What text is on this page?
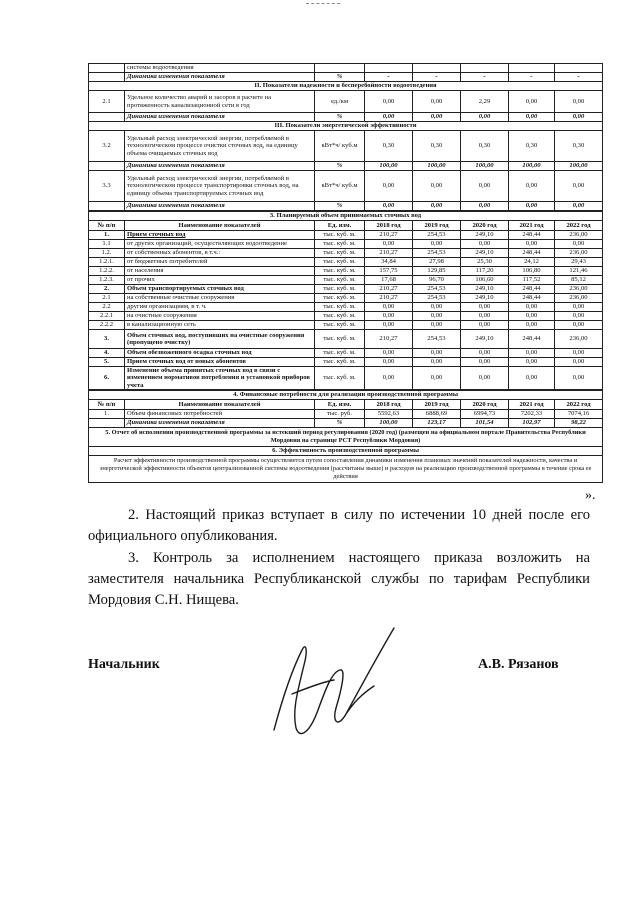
	системы водоотведения						
	Динамика изменения показателя	%	-	-	-	-	-
II. Показатели надежности и бесперебойности водоотведения							
2.1	Удельное количество аварий и засоров в расчете на протяженность канализационной сети в год	ед./км	0,00	0,00	2,29	0,00	0,00
	Динамика изменения показателя	%	0,00	0,00	0,00	0,00	0,00
III. Показатели энергетической эффективности							
3.2	Удельный расход электрической энергии, потребляемой в технологическом процессе очистки сточных вод, на единицу объема очищаемых сточных вод	кВт*ч/ куб.м	0,30	0,30	0,30	0,30	0,30
	Динамика изменения показателя	%	100,00	100,00	100,00	100,00	100,00
3.3	Удельный расход электрической энергии, потребляемой в технологическом процессе транспортировки сточных вод, на единицу объема транспортируемых сточных вод	кВт*ч/ куб.м	0,00	0,00	0,00	0,00	0,00
	Динамика изменения показателя	%	0,00	0,00	0,00	0,00	0,00
3. Планируемый объем принимаемых сточных вод							
№ п/п	Наименование показателей	Ед. изм.	2018 год	2019 год	2020 год	2021 год	2022 год
1.	Прием сточных вод	тыс. куб. м.	210,27	254,53	249,10	248,44	236,00
1.1	от других организаций, осуществляющих водоотведение	тыс. куб. м.	0,00	0,00	0,00	0,00	0,00
1.2.	от собственных абонентов, в т.ч.:	тыс. куб. м.	210,27	254,53	249,10	248,44	236,00
1.2.1.	от бюджетных потребителей	тыс. куб. м.	34,84	27,98	25,30	24,12	29,43
1.2.2.	от населения	тыс. куб. м.	157,75	129,85	117,20	106,80	121,46
1.2.3.	от прочих	тыс. куб. м.	17,68	96,70	106,60	117,52	85,12
2.	Объем транспортируемых сточных вод	тыс. куб. м.	210,27	254,53	249,10	248,44	236,00
2.1	на собственные очистные сооружения	тыс. куб. м.	210,27	254,53	249,10	248,44	236,00
2.2	другим организациям, в т. ч.	тыс. куб. м.	0,00	0,00	0,00	0,00	0,00
2.2.1	на очистные сооружения	тыс. куб. м.	0,00	0,00	0,00	0,00	0,00
2.2.2	в канализационную сеть	тыс. куб. м.	0,00	0,00	0,00	0,00	0,00
3.	Объем сточных вод, поступивших на очистные сооружения (пропущено очистку)	тыс. куб. м.	210,27	254,53	249,10	248,44	236,00
4.	Объем обезвоженного осадка сточных вод	тыс. куб. м.	0,00	0,00	0,00	0,00	0,00
5.	Прием сточных вод от новых абонентов	тыс. куб. м.	0,00	0,00	0,00	0,00	0,00
6.	Изменение объема принятых сточных вод в связи с изменением нормативов потребления и установкой приборов учета	тыс. куб. м.	0,00	0,00	0,00	0,00	0,00
4. Финансовые потребности для реализации производственной программы							
№ п/п	Наименование показателей	Ед. изм.	2018 год	2019 год	2020 год	2021 год	2022 год
1.	Объем финансовых потребностей	тыс. руб.	5592,63	6888,69	6994,73	7202,33	7074,16
	Динамика изменения показателя	%	100,00	123,17	101,54	102,97	98,22
5. Отчет об исполнении производственной программы за истекший период регулирования (2020 год) (размещен на официальном портале Правительства Республики Мордовия на странице РСТ Республики Мордовия)							
6. Эффективность производственной программы							
Расчет эффективности производственной программы осуществляется путем сопоставления динамики изменения плановых значений показателей надежности, качества и энергетической эффективности объектов централизованной системы водоотведения (рассчитаны выше) и расходов на реализацию производственной программы в течение срока ее действия							
».
2. Настоящий приказ вступает в силу по истечении 10 дней после его официального опубликования.
3. Контроль за исполнением настоящего приказа возложить на заместителя начальника Республиканской службы по тарифам Республики Мордовия С.Н. Нищева.
Начальник	А.В. Рязанов
